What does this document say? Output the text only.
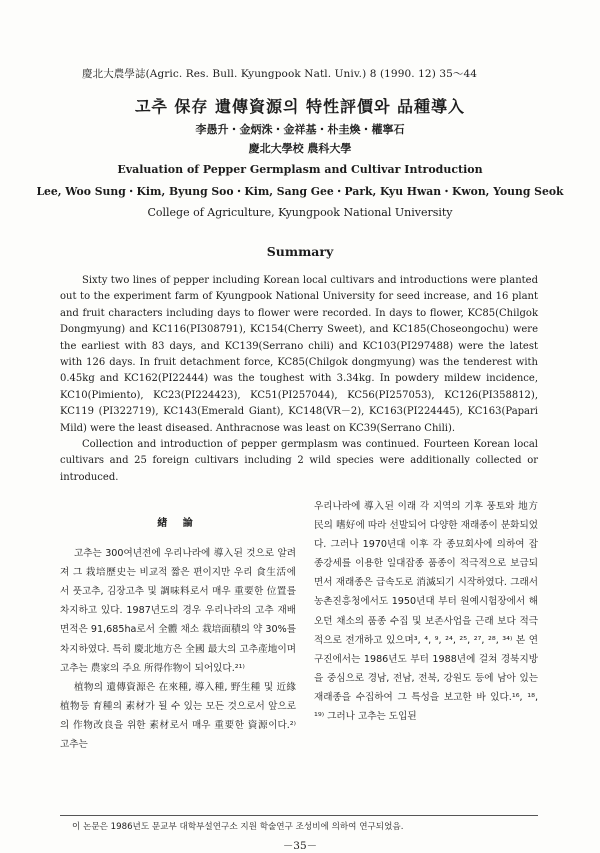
慶北大農學誌(Agric. Res. Bull. Kyungpook Natl. Univ.) 8 (1990. 12) 35～44
고추 保存 遺傳資源의 特性評價와 品種導入
李愚升・金炳洙・金祥基・朴圭煥・權寧石
慶北大學校 農科大學
Evaluation of Pepper Germplasm and Cultivar Introduction
Lee, Woo Sung・Kim, Byung Soo・Kim, Sang Gee・Park, Kyu Hwan・Kwon, Young Seok
College of Agriculture, Kyungpook National University
Summary

Sixty two lines of pepper including Korean local cultivars and introductions were planted out to the experiment farm of Kyungpook National University for seed increase, and 16 plant and fruit characters including days to flower were recorded. In days to flower, KC85(Chilgok Dongmyung) and KC116(PI308791), KC154(Cherry Sweet), and KC185(Choseongochu) were the earliest with 83 days, and KC139(Serrano chili) and KC103(PI297488) were the latest with 126 days. In fruit detachment force, KC85(Chilgok dongmyung) was the tenderest with 0.45kg and KC162(PI22444) was the toughest with 3.34kg. In powdery mildew incidence, KC10(Pimiento), KC23(PI224423), KC51(PI257044), KC56(PI257053), KC126(PI358812), KC119 (PI322719), KC143(Emerald Giant), KC148(VR－2), KC163(PI224445), KC163(Papari Mild) were the least diseased. Anthracnose was least on KC39(Serrano Chili).

Collection and introduction of pepper germplasm was continued. Fourteen Korean local cultivars and 25 foreign cultivars including 2 wild species were additionally collected or introduced.

緖 論

고추는 300여년전에 우리나라에 導入된 것으로 알려져 그 栽培歷史는 비교적 짧은 편이지만 우리 食生活에서 풋고추, 김장고추 및 調味料로서 매우 重要한 位置를 차지하고 있다. 1987년도의 경우 우리나라의 고추 재배면적은 91,685ha로서 全體 채소 栽培面積의 약 30%를 차지하였다. 특히 慶北地方은 全國 最大의 고추產地이며 고추는 農家의 주요 所得作物이 되어있다.²¹⁾

植物의 遺傳資源은 在來種, 導入種, 野生種 및 近緣植物등 育種의 素材가 될 수 있는 모든 것으로서 앞으로의 作物改良을 위한 素材로서 매우 重要한 資源이다.²⁾ 고추는

우리나라에 導入된 이래 각 지역의 기후 풍토와 地方民의 嗜好에 따라 선발되어 다양한 재래종이 분화되었다. 그러나 1970년대 이후 각 종묘회사에 의하여 잡종강세를 이용한 일대잡종 품종이 적극적으로 보급되면서 재래종은 급속도로 消滅되기 시작하였다. 그래서 농촌진흥청에서도 1950년대 부터 원예시험장에서 해오던 채소의 품종 수집 및 보존사업을 근래 보다 적극적으로 전개하고 있으며³, ⁴, ⁹, ²⁴, ²⁵, ²⁷, ²⁸, ³⁴⁾ 본 연구진에서는 1986년도 부터 1988년에 걸쳐 경북지방을 중심으로 경남, 전남, 전북, 강원도 등에 남아 있는 재래종을 수집하여 그 특성을 보고한 바 있다.¹⁶, ¹⁸, ¹⁹⁾ 그러나 고추는 도입된

이 논문은 1986년도 문교부 대학부설연구소 지원 학술연구 조성비에 의하여 연구되었음.
－35－
